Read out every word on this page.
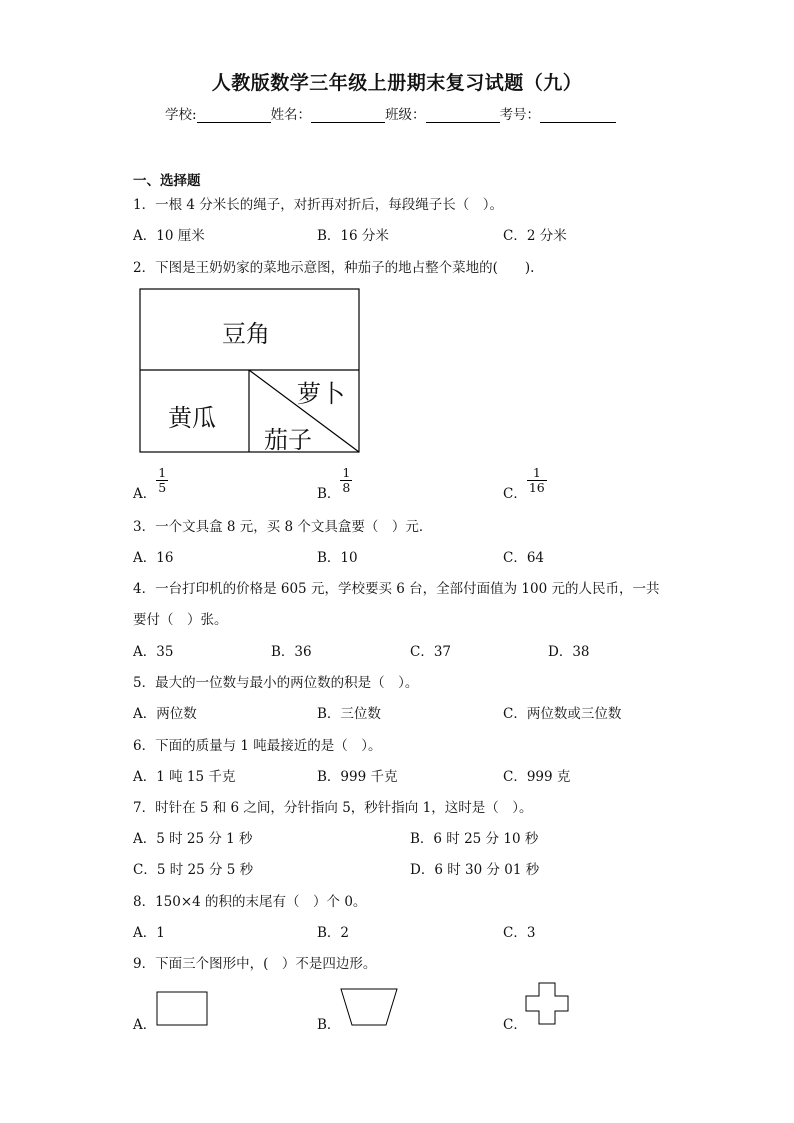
人教版数学三年级上册期末复习试题（九）
学校:	姓名：	班级：	考号：
一、选择题
1．一根 4 分米长的绳子，对折再对折后，每段绳子长（　）。
A．10 厘米	B．16 分米	C．2 分米
2．下图是王奶奶家的菜地示意图，种茄子的地占整个菜地的(　　).
豆角
黄瓜
萝卜
茄子
A． $\frac{1}{5}$	B． $\frac{1}{8}$	C． $\frac{1}{16}$
3．一个文具盒 8 元，买 8 个文具盒要（　）元．
A．16	B．10	C．64
4．一台打印机的价格是 605 元，学校要买 6 台，全部付面值为 100 元的人民币，一共
要付（　）张。
A．35	B．36	C．37	D．38
5．最大的一位数与最小的两位数的积是（　）。
A．两位数	B．三位数	C．两位数或三位数
6．下面的质量与 1 吨最接近的是（　）。
A．1 吨 15 千克	B．999 千克	C．999 克
7．时针在 5 和 6 之间，分针指向 5，秒针指向 1，这时是（　）。
A．5 时 25 分 1 秒	B．6 时 25 分 10 秒
C．5 时 25 分 5 秒	D．6 时 30 分 01 秒
8．150×4 的积的末尾有（　）个 0。
A．1	B．2	C．3
9．下面三个图形中，(　）不是四边形。
A．	B．	C．
